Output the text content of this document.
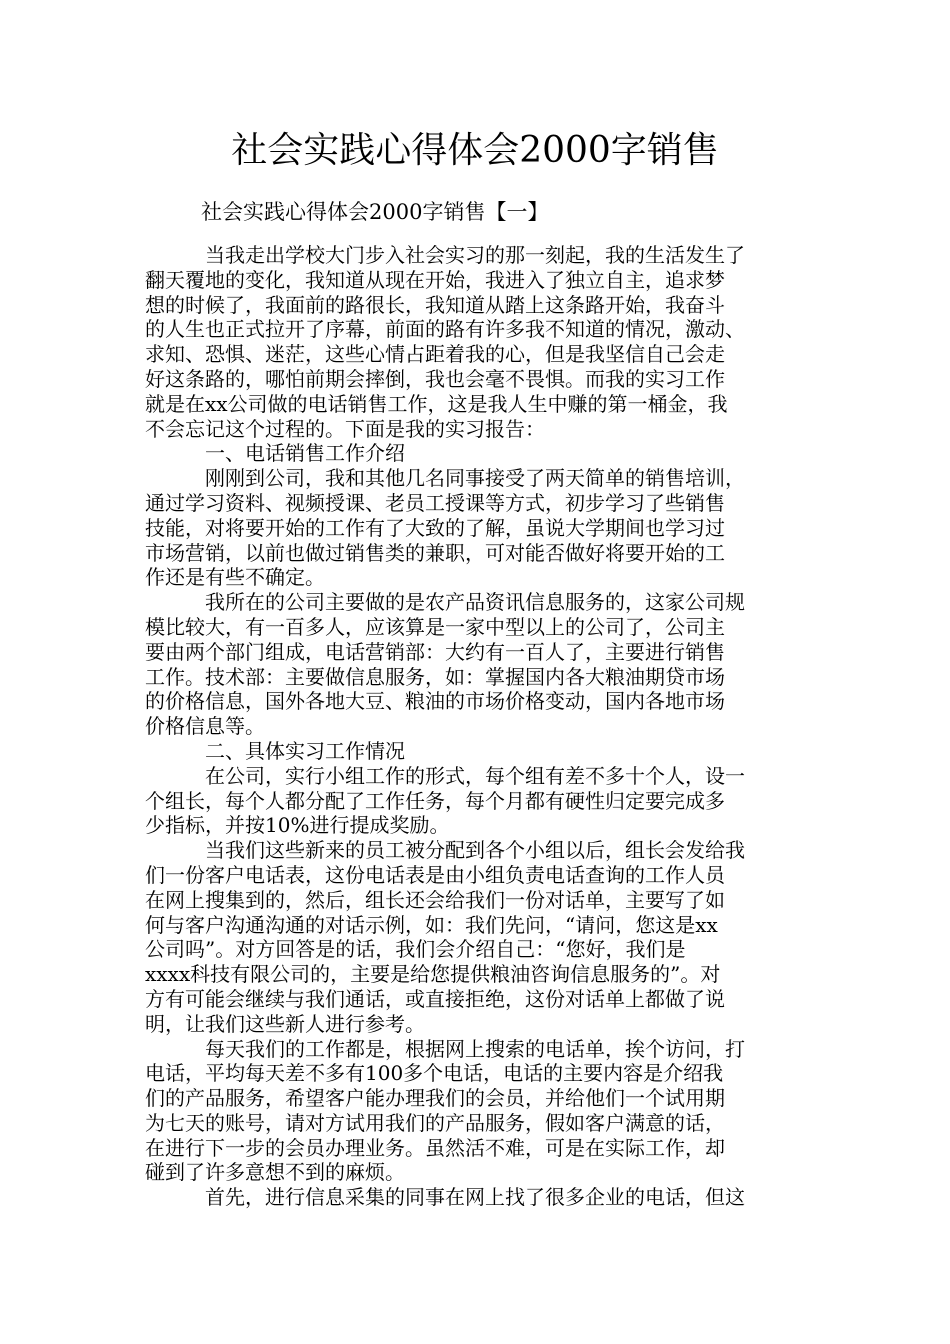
社会实践心得体会2000字销售
社会实践心得体会2000字销售【一】
　　　当我走出学校大门步入社会实习的那一刻起，我的生活发生了
翻天覆地的变化，我知道从现在开始，我进入了独立自主，追求梦
想的时候了，我面前的路很长，我知道从踏上这条路开始，我奋斗
的人生也正式拉开了序幕，前面的路有许多我不知道的情况，激动、
求知、恐惧、迷茫，这些心情占距着我的心，但是我坚信自己会走
好这条路的，哪怕前期会摔倒，我也会毫不畏惧。而我的实习工作
就是在xx公司做的电话销售工作，这是我人生中赚的第一桶金，我
不会忘记这个过程的。下面是我的实习报告：
　　　一、电话销售工作介绍
　　　刚刚到公司，我和其他几名同事接受了两天简单的销售培训，
通过学习资料、视频授课、老员工授课等方式，初步学习了些销售
技能，对将要开始的工作有了大致的了解，虽说大学期间也学习过
市场营销，以前也做过销售类的兼职，可对能否做好将要开始的工
作还是有些不确定。
　　　我所在的公司主要做的是农产品资讯信息服务的，这家公司规
模比较大，有一百多人，应该算是一家中型以上的公司了，公司主
要由两个部门组成，电话营销部：大约有一百人了，主要进行销售
工作。技术部：主要做信息服务，如：掌握国内各大粮油期贷市场
的价格信息，国外各地大豆、粮油的市场价格变动，国内各地市场
价格信息等。
　　　二、具体实习工作情况
　　　在公司，实行小组工作的形式，每个组有差不多十个人，设一
个组长，每个人都分配了工作任务，每个月都有硬性归定要完成多
少指标，并按10%进行提成奖励。
　　　当我们这些新来的员工被分配到各个小组以后，组长会发给我
们一份客户电话表，这份电话表是由小组负责电话查询的工作人员
在网上搜集到的，然后，组长还会给我们一份对话单，主要写了如
何与客户沟通沟通的对话示例，如：我们先问，“请问，您这是xx
公司吗”。对方回答是的话，我们会介绍自己：“您好，我们是
xxxx科技有限公司的，主要是给您提供粮油咨询信息服务的”。对
方有可能会继续与我们通话，或直接拒绝，这份对话单上都做了说
明，让我们这些新人进行参考。
　　　每天我们的工作都是，根据网上搜索的电话单，挨个访问，打
电话，平均每天差不多有100多个电话，电话的主要内容是介绍我
们的产品服务，希望客户能办理我们的会员，并给他们一个试用期
为七天的账号，请对方试用我们的产品服务，假如客户满意的话，
在进行下一步的会员办理业务。虽然活不难，可是在实际工作，却
碰到了许多意想不到的麻烦。
　　　首先，进行信息采集的同事在网上找了很多企业的电话，但这
